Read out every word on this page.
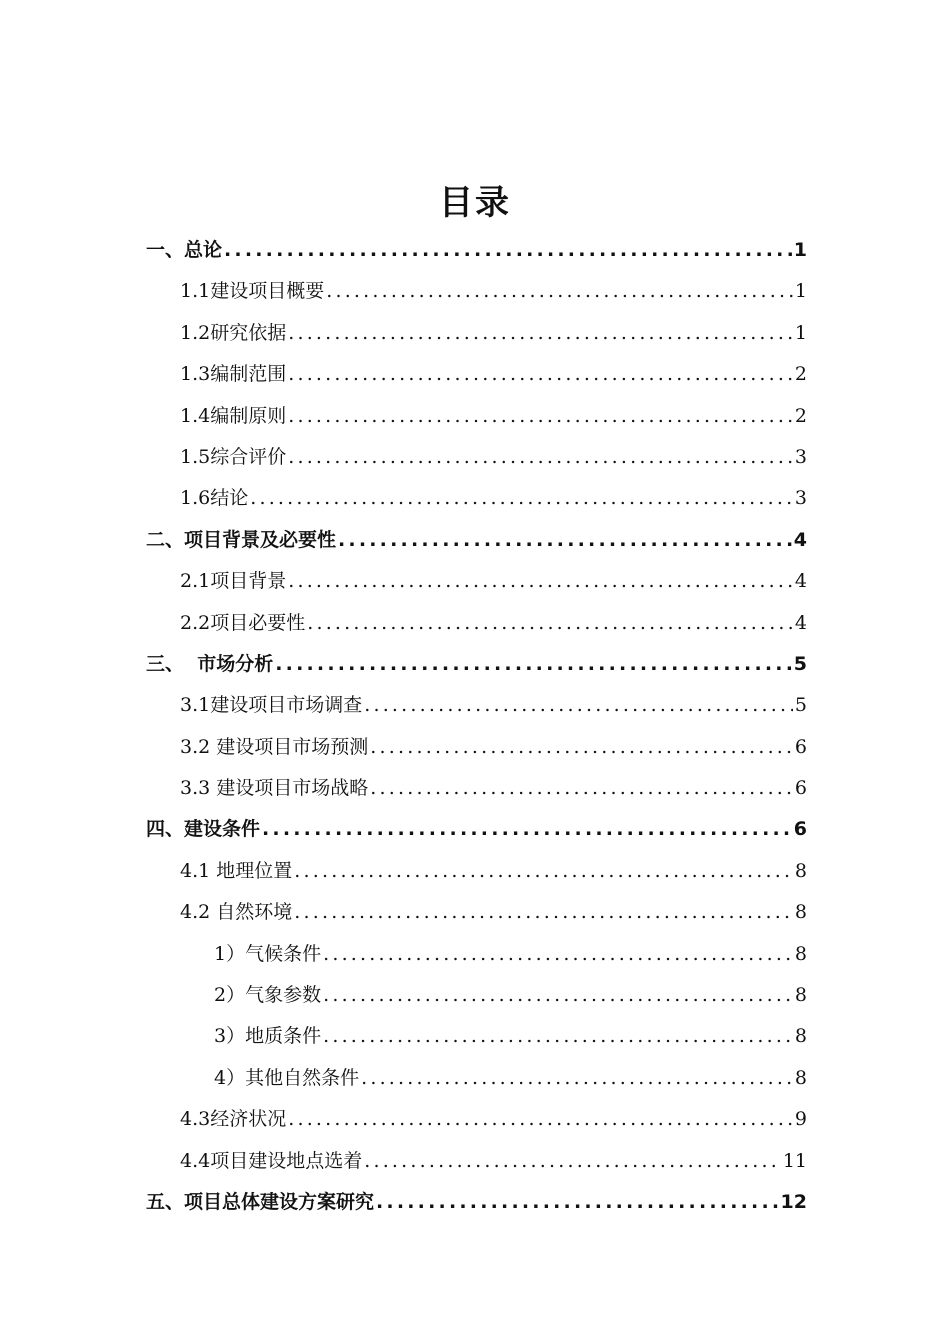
目录
一、总论 .....	1
1.1建设项目概要 .....	1
1.2研究依据 .....	1
1.3编制范围 .....	2
1.4编制原则 .....	2
1.5综合评价 .....	3
1.6结论 .....	3
二、项目背景及必要性 .....	4
2.1项目背景 .....	4
2.2项目必要性 .....	4
三、  市场分析 .....	5
3.1建设项目市场调查 .....	5
3.2 建设项目市场预测 .....	6
3.3 建设项目市场战略 .....	6
四、建设条件 .....	6
4.1 地理位置 .....	8
4.2 自然环境 .....	8
1）气候条件 .....	8
2）气象参数 .....	8
3）地质条件 .....	8
4）其他自然条件 .....	8
4.3经济状况 .....	9
4.4项目建设地点选着 .....	11
五、项目总体建设方案研究 .....	12
